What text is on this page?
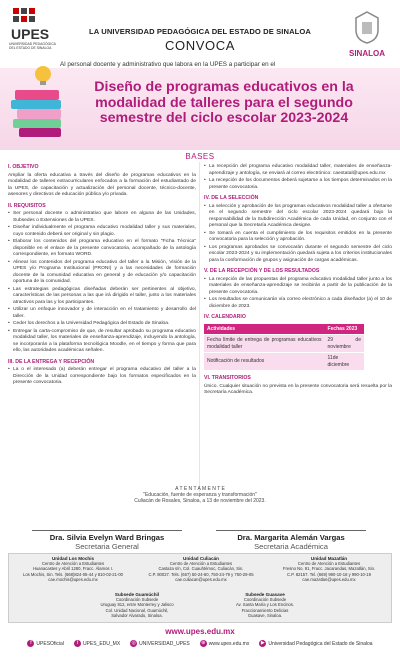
UPES
UNIVERSIDAD PEDAGÓGICA DEL ESTADO DE SINALOA
SINALOA
LA UNIVERSIDAD PEDAGÓGICA DEL ESTADO DE SINALOA
CONVOCA
Al personal docente y administrativo que labora en la UPES a participar en el
Diseño de programas educativos en la modalidad de talleres para el segundo semestre del ciclo escolar 2023-2024
BASES
I. OBJETIVO

Ampliar la oferta educativa a través del diseño de programas educativos en la modalidad de talleres extracurriculares enfocados a la formación del estudiantado de la UPES, de capacitación y actualización del personal docente, técnico-docente, asesores y directivos de educación pública y/o privada.

II. REQUISITOS
• Ser personal docente o administrativo que labore en alguna de las Unidades, Subsedes o Extensiones de la UPES.
• Diseñar individualmente el programa educativo modalidad taller y sus materiales, cuyo contenido deberá ser original y sin plagio.
• Elaborar los contenidos del programa educativo en el formato "Ficha Técnica" disponible en el enlace de la presente convocatoria, acompañado de la antología correspondiente, en formato WORD.
• Alinear los contenidos del programa educativo del taller a la Misión, Visión de la UPES y/o Programa Institucional (PRONI) y a las necesidades de formación docente de la comunidad educativa en general y de educación y/o capacitación oportuna de la comunidad.
• Las estrategias pedagógicas diseñadas deberán ser pertinentes al objetivo, características de las personas a las que irá dirigido el taller, junto a los materiales atractivos para las y los participantes.
• Utilizar un enfoque innovador y de interacción en el tratamiento y desarrollo del taller.
• Ceder los derechos a la Universidad Pedagógica del Estado de Sinaloa.
• Entregar la carta-compromiso de que, de resultar aprobado su programa educativo modalidad taller, los materiales de enseñanza-aprendizaje, incluyendo la antología, se incorporarán a la plataforma tecnológica Moodle, en el tiempo y forma que para ello, las autoridades académicas señalen.
III. DE LA ENTREGA Y RECEPCIÓN
• La o el interesado (a) deberán entregar el programa educativo del taller a la Dirección de la Unidad correspondiente bajo los formatos especificados en la presente convocatoria.
• La recepción del programa educativo modalidad taller, materiales de enseñanza-aprendizaje y antología, se enviará al correo electrónico: caestatal@upes.edu.mx
• La recepción de los documentos deberá sujetarse a los tiempos determinados en la presente convocatoria.
IV. DE LA SELECCIÓN
• La selección y aprobación de los programas educativos modalidad taller a ofertarse en el segundo semestre del ciclo escolar 2023-2024 quedará bajo la responsabilidad de la Subdirección Académica de cada Unidad, en conjunto con el personal que la Secretaría Académica designe.
• Se tomará en cuenta el cumplimiento de los requisitos emitidos en la presente convocatoria para la selección y aprobación.
• Los programas aprobados se convocarán durante el segundo semestre del ciclo escolar 2023-2024 y su implementación quedará sujeta a los criterios institucionales para la conformación de grupos y asignación de cargas académicas.
V. DE LA RECEPCIÓN Y DE LOS RESULTADOS
• La recepción de las propuestas del programa educativo modalidad taller junto a los materiales de enseñanza-aprendizaje se recibirán a partir de la publicación de la presente convocatoria.
• Los resultados se comunicarán vía correo electrónico a cada diseñador (a) el 10 de diciembre de 2023.
IV. CALENDARIO
Actividades	Fechas 2023
Fecha límite de entrega de programas educativos modalidad taller	29 de noviembre
Notificación de resultados	11de diciembre
VI. TRANSITORIOS

Único. Cualquier situación no prevista en la presente convocatoria será resuelta por la Secretaría Académica.

A T E N T A M E N T E
"Educación, fuente de esperanza y transformación"
Culiacán de Rosales, Sinaloa, a 13 de noviembre del 2023.
Dra. Silvia Evelyn Ward Bringas
Secretaria General
Dra. Margarita Alemán Vargas
Secretaria Académica
Unidad Los Mochis
Centro de Atención a Estudiantes
Huanacastes y Abril 1280, Fracc. Álamos I.
Los Mochis, Sin. Tels. (668)824-05-44 y 810-02-21-00
cae.mochis@upes.edu.mx
Unidad Culiacán
Centro de Atención a Estudiantes
Castaza s/n, Col. Cuauhtémoc, Culiacán, Sin.
C.P. 80027. Tels. (667) 50-24-60, 750-24-79 y 750-29-05
cae.culiacan@upes.edu.mx
Unidad Mazatlán
Centro de Atención a Estudiantes
Fresno No. 91, Fracc. Jacarandas, Mazatlán, Sin.
C.P. 82157. Tel. (669) 990-10-18 y 990-10-19
cae.mazatlan@upes.edu.mx
Subsede Guamúchil
Coordinación Subsede
Uruguay 812, entre Monterrey y Jalisco
Col. Unidad Nacional, Guamúchil,
Salvador Alvarado, Sinaloa.
Subsede Guasave
Coordinación Subsede
Av. Santa María y Los Encinos.
Fraccionamiento Delicias
Guasave, Sinaloa.
www.upes.edu.mx
f UPESOficial	t UPES_EDU_MX ◎ UNIVERSIDAD_UPES ⊕ www.upes.edu.mx	▶ Universidad Pedagógica del Estado de Sinaloa
